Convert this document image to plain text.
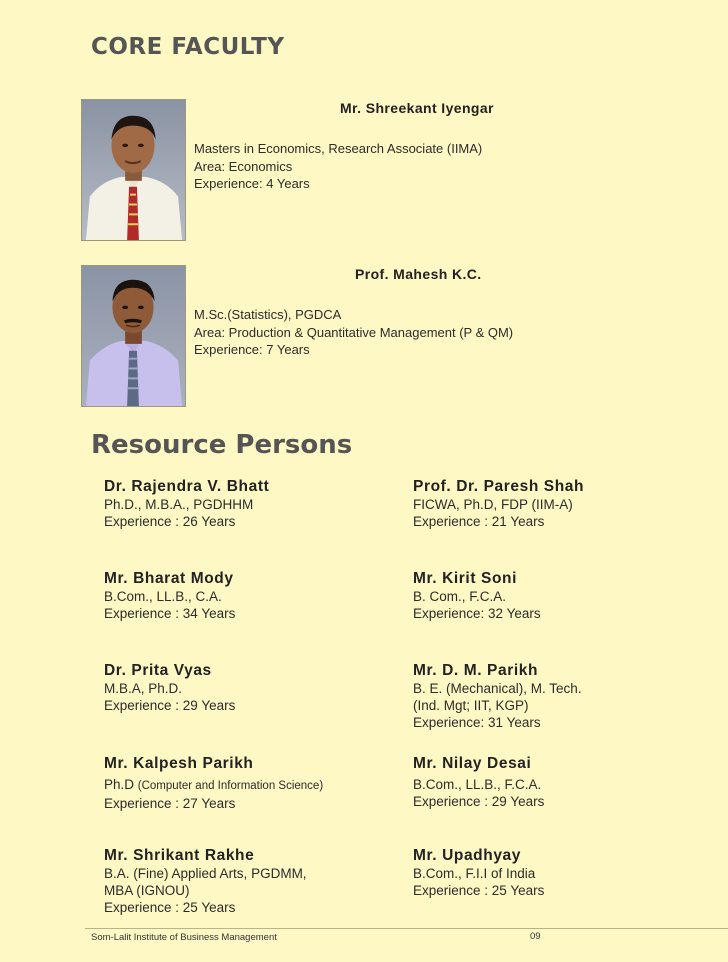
CORE FACULTY
Mr. Shreekant Iyengar
Masters in Economics, Research Associate (IIMA)
Area: Economics
Experience: 4 Years
Prof. Mahesh K.C.
M.Sc.(Statistics), PGDCA
Area: Production & Quantitative Management (P & QM)
Experience: 7 Years
Resource Persons
Dr. Rajendra V. Bhatt
Ph.D., M.B.A., PGDHHM
Experience : 26 Years
Prof. Dr. Paresh Shah
FICWA, Ph.D, FDP (IIM-A)
Experience : 21 Years
Mr. Bharat Mody
B.Com., LL.B., C.A.
Experience : 34 Years
Mr. Kirit Soni
B. Com., F.C.A.
Experience: 32 Years
Dr. Prita Vyas
M.B.A, Ph.D.
Experience : 29 Years
Mr. D. M. Parikh
B. E. (Mechanical), M. Tech.
(Ind. Mgt; IIT, KGP)
Experience: 31 Years
Mr. Kalpesh Parikh
Ph.D (Computer and Information Science)
Experience : 27 Years
Mr. Nilay Desai
B.Com., LL.B., F.C.A.
Experience : 29 Years
Mr. Shrikant Rakhe
B.A. (Fine) Applied Arts, PGDMM,
MBA (IGNOU)
Experience : 25 Years
Mr. Upadhyay
B.Com., F.I.I of India
Experience : 25 Years
Som-Lalit Institute of Business Management	09
